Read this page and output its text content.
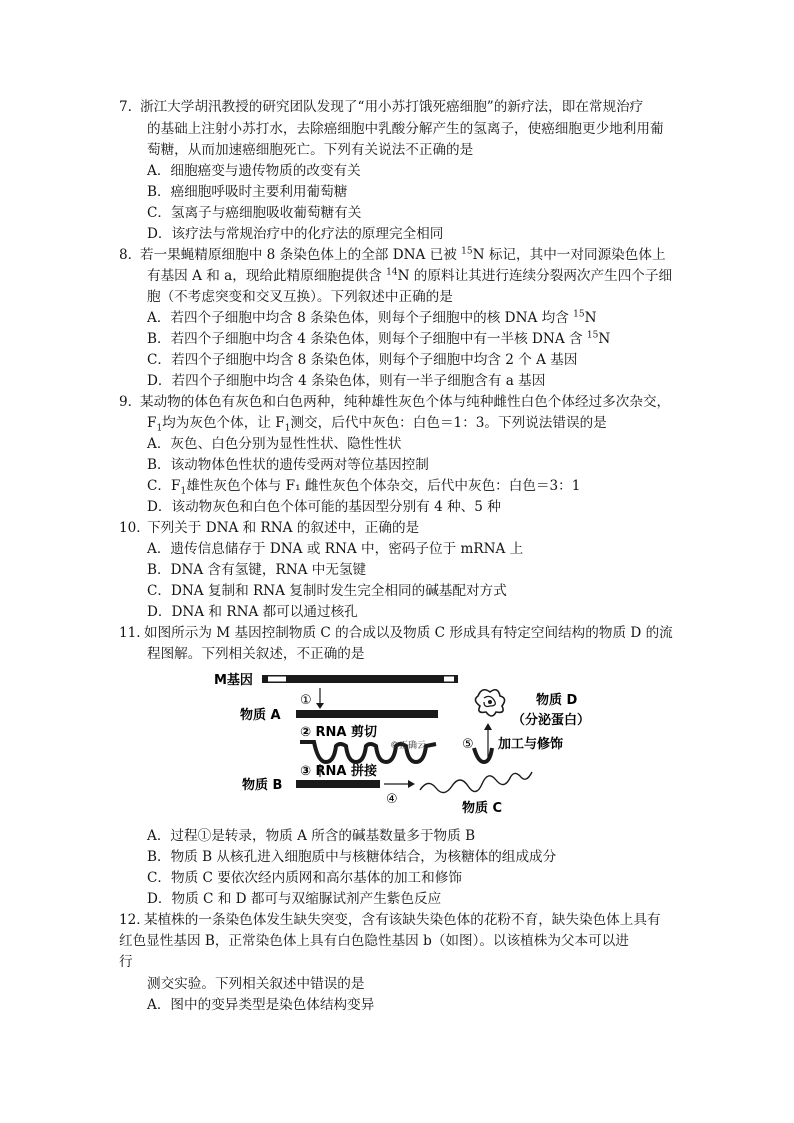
7. 浙江大学胡汛教授的研究团队发现了“用小苏打饿死癌细胞”的新疗法，即在常规治疗
的基础上注射小苏打水，去除癌细胞中乳酸分解产生的氢离子，使癌细胞更少地利用葡
萄糖，从而加速癌细胞死亡。下列有关说法不正确的是
A．细胞癌变与遗传物质的改变有关
B．癌细胞呼吸时主要利用葡萄糖
C．氢离子与癌细胞吸收葡萄糖有关
D．该疗法与常规治疗中的化疗法的原理完全相同
8．
若一果蝇精原细胞中 8 条染色体上的全部 DNA 已被 $^{15}$N 标记，其中一对同源染色体上
有基因 A 和 a，现给此精原细胞提供含 $^{14}$N 的原料让其进行连续分裂两次产生四个子细
胞（不考虑突变和交叉互换）。下列叙述中正确的是
A．若四个子细胞中均含 8 条染色体，则每个子细胞中的核 DNA 均含 $^{15}$N
B．若四个子细胞中均含 4 条染色体，则每个子细胞中有一半核 DNA 含 $^{15}$N
C．若四个子细胞中均含 8 条染色体，则每个子细胞中均含 2 个 A 基因
D．若四个子细胞中均含 4 条染色体，则有一半子细胞含有 a 基因
9．
某动物的体色有灰色和白色两种，纯种雄性灰色个体与纯种雌性白色个体经过多次杂交，
$F_1$均为灰色个体，让 $F_1$测交，后代中灰色：白色＝1：3。下列说法错误的是
A．灰色、白色分别为显性性状、隐性性状
B．该动物体色性状的遗传受两对等位基因控制
C．$F_1$雄性灰色个体与 F₁ 雌性灰色个体杂交，后代中灰色：白色＝3：1
D．该动物灰色和白色个体可能的基因型分别有 4 种、5 种
10．
下列关于 DNA 和 RNA 的叙述中，正确的是
A．遗传信息储存于 DNA 或 RNA 中，密码子位于 mRNA 上
B．DNA 含有氢键，RNA 中无氢键
C．DNA 复制和 RNA 复制时发生完全相同的碱基配对方式
D．DNA 和 RNA 都可以通过核孔
11. 如图所示为 M 基因控制物质 C 的合成以及物质 C 形成具有特定空间结构的物质 D 的流
程图解。下列相关叙述，不正确的是
M基因
①
物质 A
② RNA 剪切
©正确云
③ RNA 拼接
物质 B
④
物质 C
⑤ 加工与修饰
物质 D
（分泌蛋白）
A．过程①是转录，物质 A 所含的碱基数量多于物质 B
B．物质 B 从核孔进入细胞质中与核糖体结合，为核糖体的组成成分
C．物质 C 要依次经内质网和高尔基体的加工和修饰
D．物质 C 和 D 都可与双缩脲试剂产生紫色反应
12．
某植株的一条染色体发生缺失突变，含有该缺失染色体的花粉不育，缺失染色体上具有
红色显性基因 B，正常染色体上具有白色隐性基因 b（如图）。以该植株为父本可以进
行
测交实验。下列相关叙述中错误的是
A．图中的变异类型是染色体结构变异
